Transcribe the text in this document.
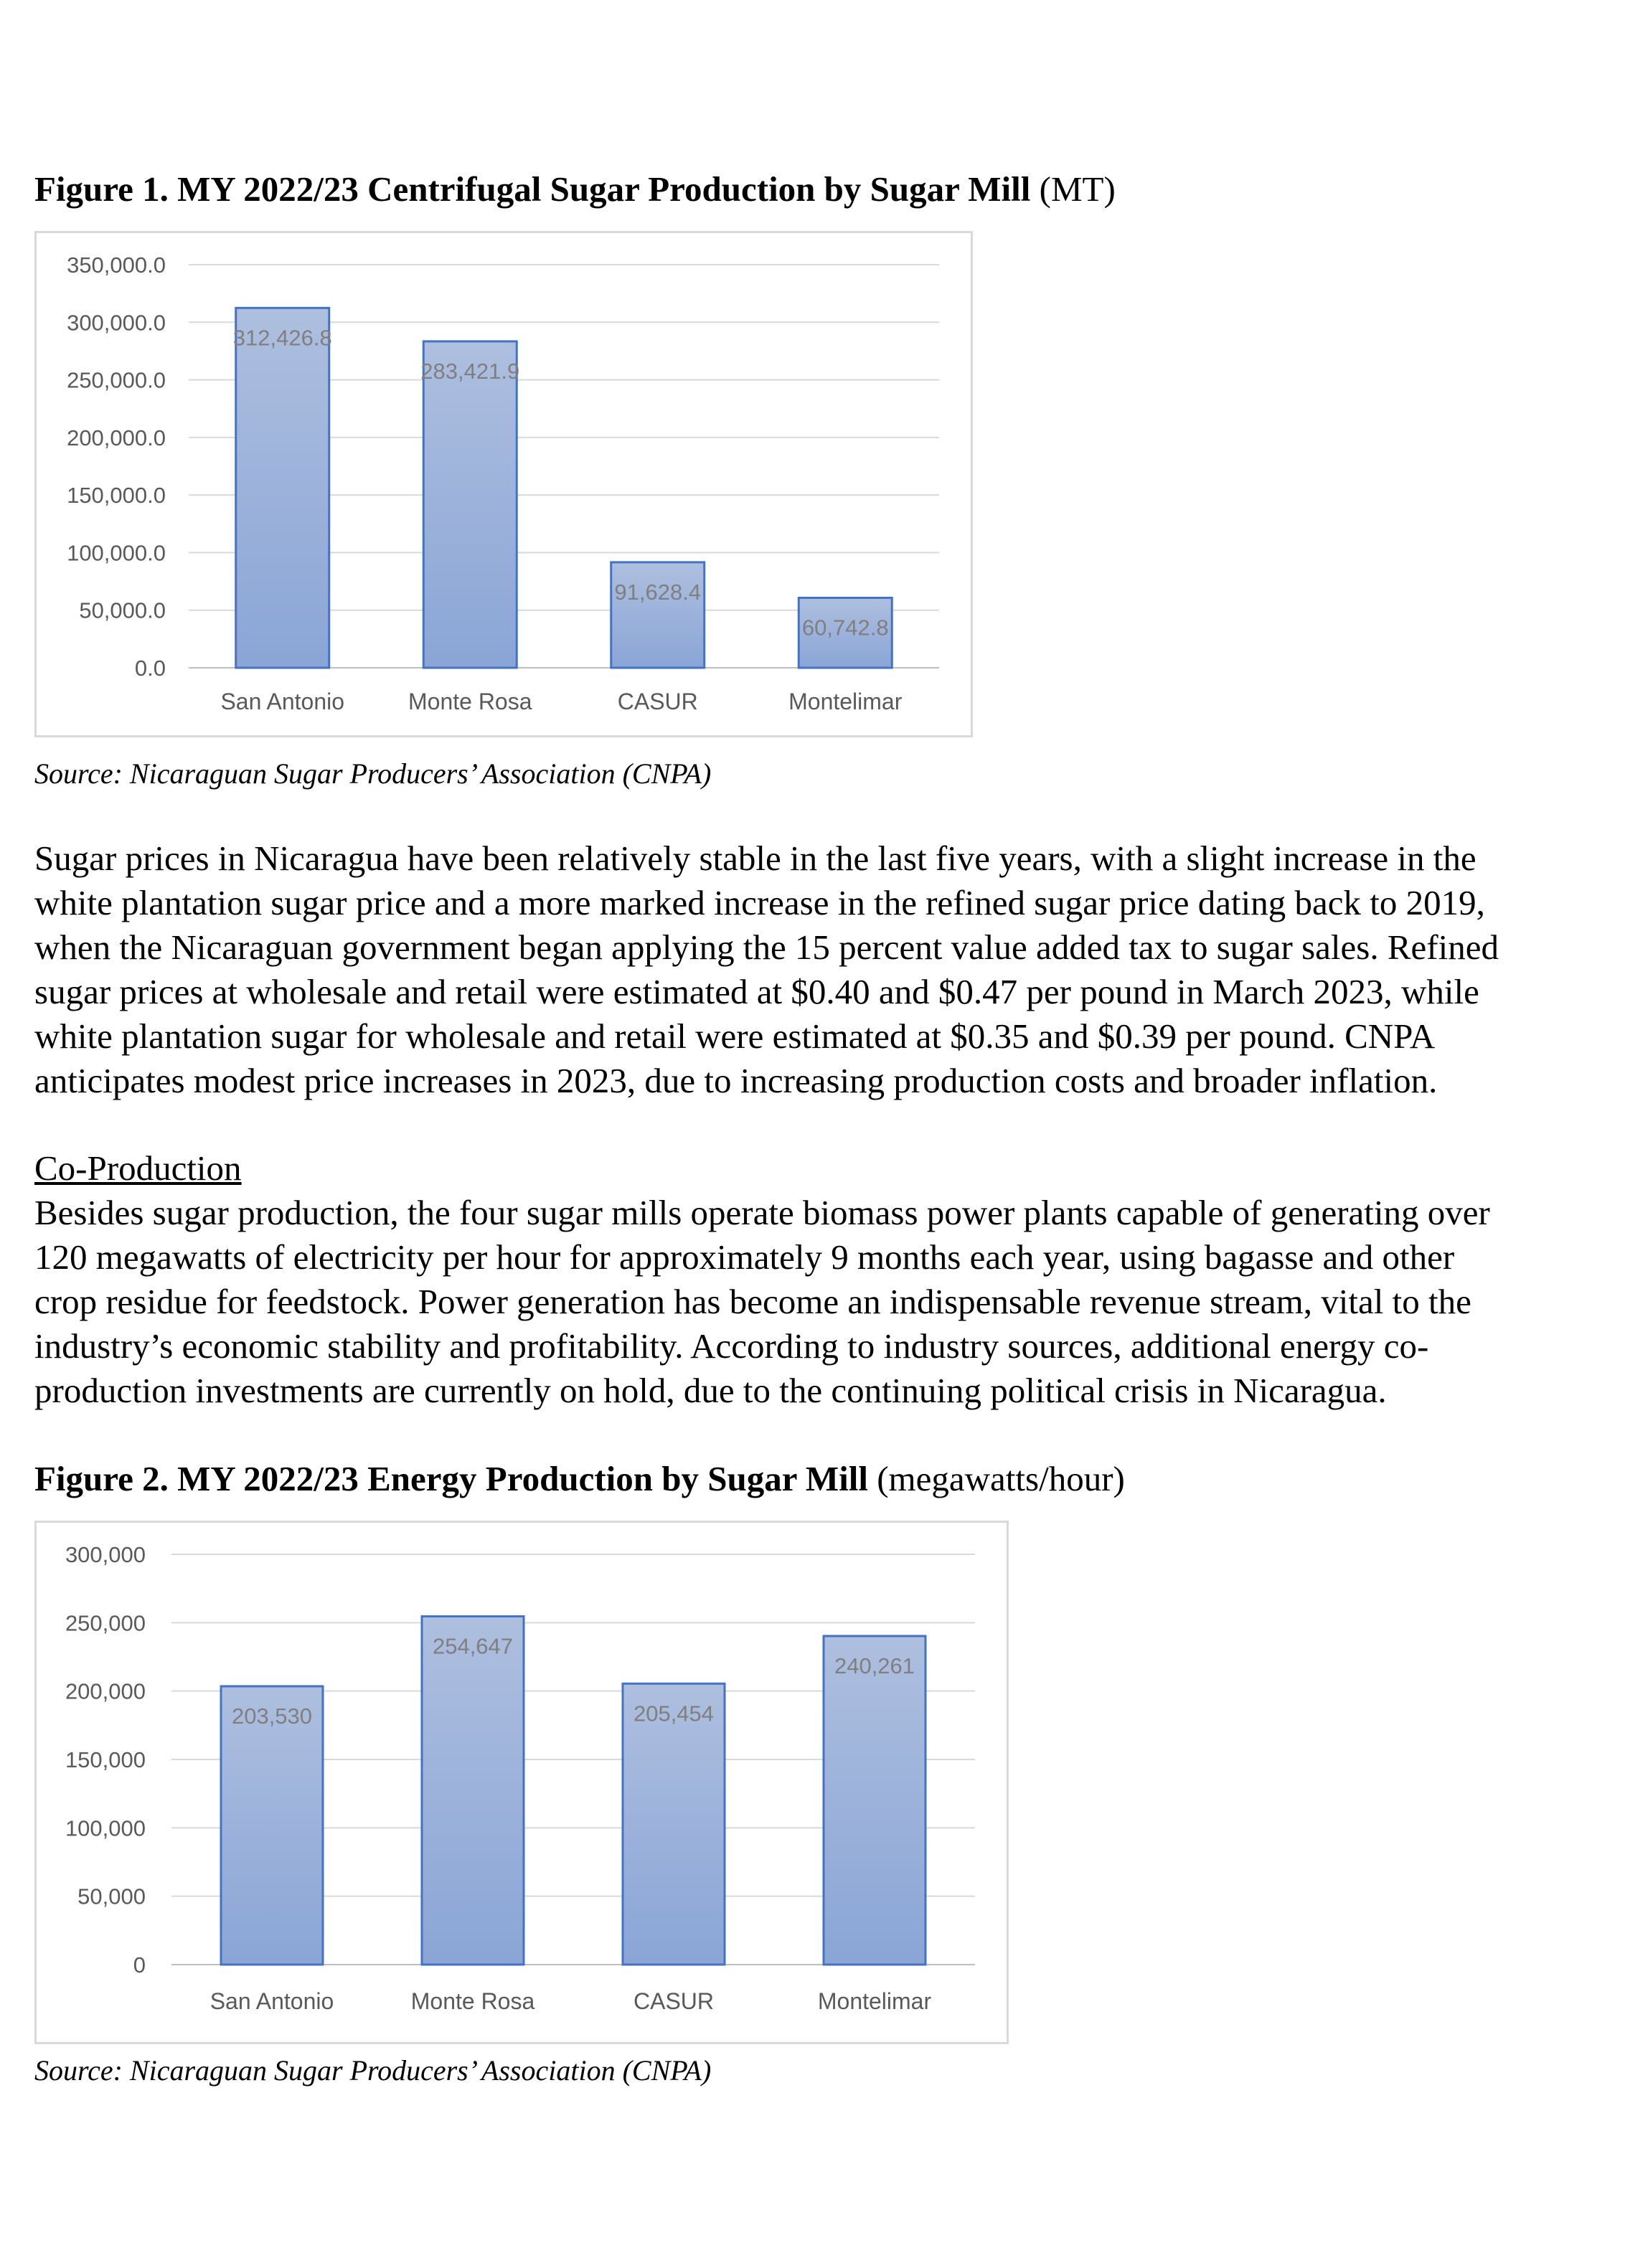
Figure 1. MY 2022/23 Centrifugal Sugar Production by Sugar Mill (MT)
0.0
50,000.0
100,000.0
150,000.0
200,000.0
250,000.0
300,000.0
350,000.0
312,426.8
San Antonio
283,421.9
Monte Rosa
91,628.4
CASUR
60,742.8
Montelimar

Source: Nicaraguan Sugar Producers’ Association (CNPA)

Sugar prices in Nicaragua have been relatively stable in the last five years, with a slight increase in the
white plantation sugar price and a more marked increase in the refined sugar price dating back to 2019,
when the Nicaraguan government began applying the 15 percent value added tax to sugar sales. Refined
sugar prices at wholesale and retail were estimated at $0.40 and $0.47 per pound in March 2023, while
white plantation sugar for wholesale and retail were estimated at $0.35 and $0.39 per pound. CNPA
anticipates modest price increases in 2023, due to increasing production costs and broader inflation.

Co-Production

Besides sugar production, the four sugar mills operate biomass power plants capable of generating over
120 megawatts of electricity per hour for approximately 9 months each year, using bagasse and other
crop residue for feedstock. Power generation has become an indispensable revenue stream, vital to the
industry’s economic stability and profitability. According to industry sources, additional energy co-
production investments are currently on hold, due to the continuing political crisis in Nicaragua.
Figure 2. MY 2022/23 Energy Production by Sugar Mill (megawatts/hour)
0
50,000
100,000
150,000
200,000
250,000
300,000
203,530
San Antonio
254,647
Monte Rosa
205,454
CASUR
240,261
Montelimar

Source: Nicaraguan Sugar Producers’ Association (CNPA)
